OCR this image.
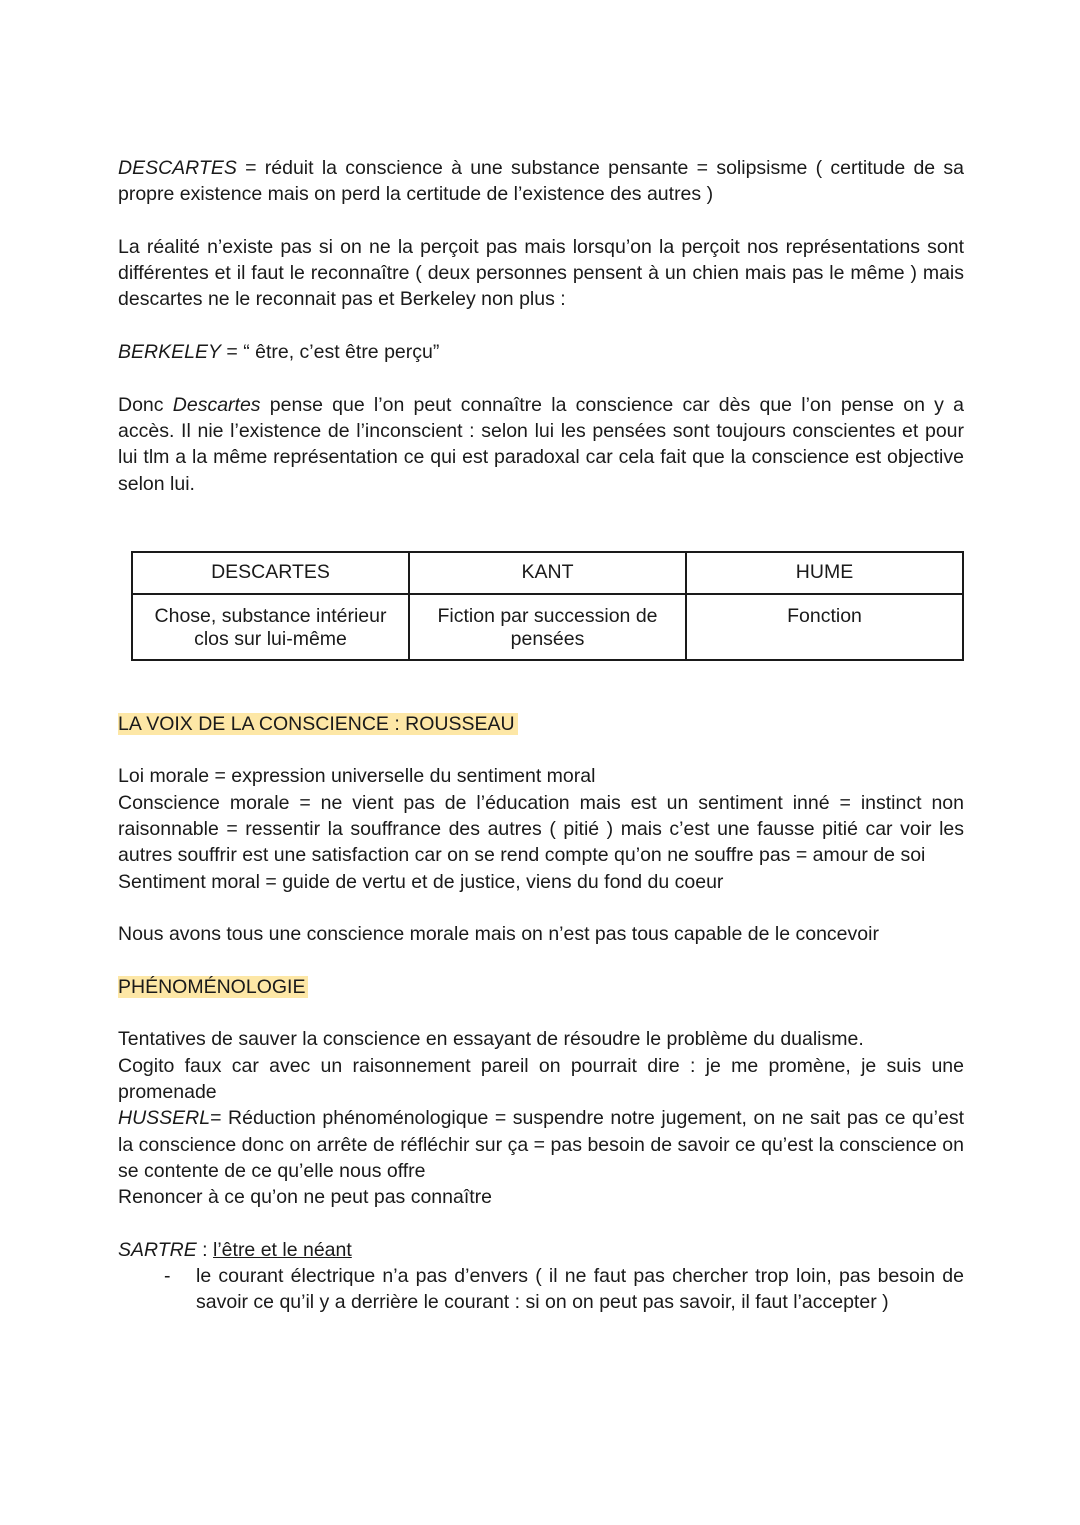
DESCARTES = réduit la conscience à une substance pensante = solipsisme ( certitude de sa propre existence mais on perd la certitude de l’existence des autres )

La réalité n’existe pas si on ne la perçoit pas mais lorsqu’on la perçoit nos représentations sont différentes et il faut le reconnaître ( deux personnes pensent à un chien mais pas le même ) mais descartes ne le reconnait pas et Berkeley non plus :

BERKELEY = “ être, c’est être perçu”

Donc Descartes pense que l’on peut connaître la conscience car dès que l’on pense on y a accès. Il nie l’existence de l’inconscient : selon lui les pensées sont toujours conscientes et pour lui tlm a la même représentation ce qui est paradoxal car cela fait que la conscience est objective selon lui.

DESCARTES	KANT	HUME
Chose, substance intérieur clos sur lui-même	Fiction par succession de pensées	Fonction

LA VOIX DE LA CONSCIENCE : ROUSSEAU

Loi morale = expression universelle du sentiment moral

Conscience morale = ne vient pas de l’éducation mais est un sentiment inné = instinct non raisonnable = ressentir la souffrance des autres ( pitié ) mais c’est une fausse pitié car voir les autres souffrir est une satisfaction car on se rend compte qu’on ne souffre pas = amour de soi

Sentiment moral = guide de vertu et de justice, viens du fond du coeur

Nous avons tous une conscience morale mais on n’est pas tous capable de le concevoir

PHÉNOMÉNOLOGIE

Tentatives de sauver la conscience en essayant de résoudre le problème du dualisme.

Cogito faux car avec un raisonnement pareil on pourrait dire : je me promène, je suis une promenade

HUSSERL= Réduction phénoménologique = suspendre notre jugement, on ne sait pas ce qu’est la conscience donc on arrête de réfléchir sur ça = pas besoin de savoir ce qu’est la conscience on se contente de ce qu’elle nous offre

Renoncer à ce qu’on ne peut pas connaître

SARTRE : l’être et le néant

-	le courant électrique n’a pas d’envers ( il ne faut pas chercher trop loin, pas besoin de savoir ce qu’il y a derrière le courant : si on on peut pas savoir, il faut l’accepter )
